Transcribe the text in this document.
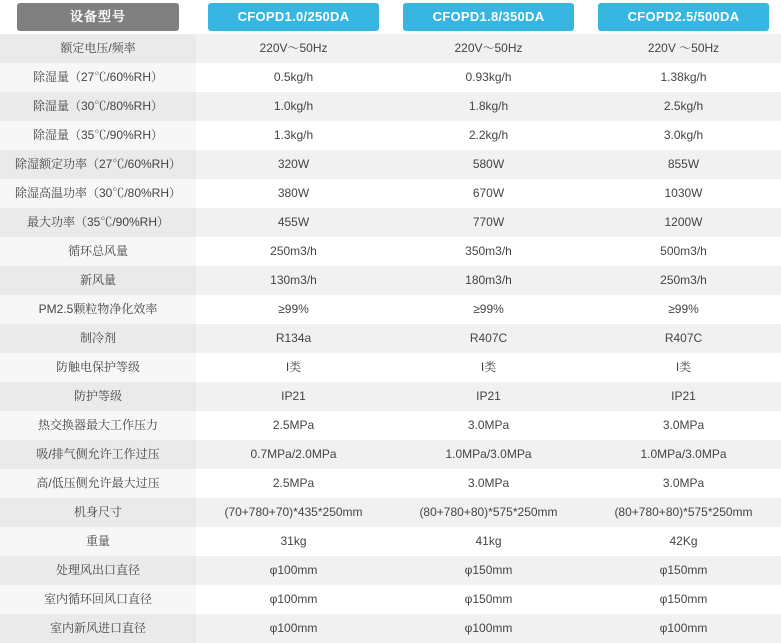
设备型号	CFOPD1.0/250DA	CFOPD1.8/350DA	CFOPD2.5/500DA

额定电压/频率	220V～50Hz	220V～50Hz	220V ～50Hz
除湿量（27℃/60%RH）	0.5kg/h	0.93kg/h	1.38kg/h
除湿量（30℃/80%RH）	1.0kg/h	1.8kg/h	2.5kg/h
除湿量（35℃/90%RH）	1.3kg/h	2.2kg/h	3.0kg/h
除湿额定功率（27℃/60%RH）	320W	580W	855W
除湿高温功率（30℃/80%RH）	380W	670W	1030W
最大功率（35℃/90%RH）	455W	770W	1200W
循环总风量	250m3/h	350m3/h	500m3/h
新风量	130m3/h	180m3/h	250m3/h
PM2.5颗粒物净化效率	≥99%	≥99%	≥99%
制冷剂	R134a	R407C	R407C
防触电保护等级	I类	I类	I类
防护等级	IP21	IP21	IP21
热交换器最大工作压力	2.5MPa	3.0MPa	3.0MPa
吸/排气侧允许工作过压	0.7MPa/2.0MPa	1.0MPa/3.0MPa	1.0MPa/3.0MPa
高/低压侧允许最大过压	2.5MPa	3.0MPa	3.0MPa
机身尺寸	(70+780+70)*435*250mm	(80+780+80)*575*250mm	(80+780+80)*575*250mm
重量	31kg	41kg	42Kg
处理风出口直径	φ100mm	φ150mm	φ150mm
室内循环回风口直径	φ100mm	φ150mm	φ150mm
室内新风进口直径	φ100mm	φ100mm	φ100mm
